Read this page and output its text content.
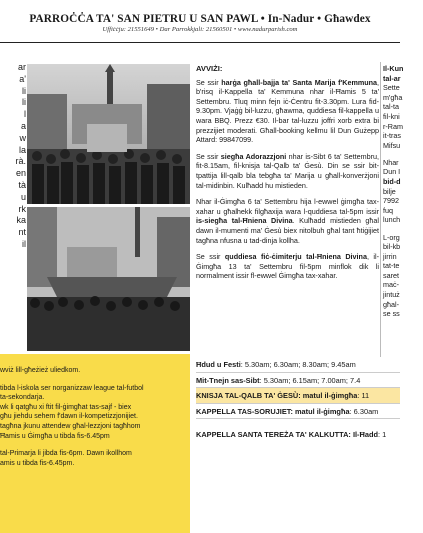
PARROĊĊA TA' SAN PIETRU U SAN PAWL • In-Nadur • Għawdex
Uffiċċju: 21551649 • Dar Parrokkjali: 21560501 • www.nadurparish.com
ar
a'
li
li
l
a
w
la
rà.
en
tà
u
rk
ka
nt
il
AVVIŻI:

Se ssir harġa għall-bajja ta' Santa Marija f'Kemmuna, b'risq il-Kappella ta' Kemmuna nhar il-Ħamis 5 ta' Settembru. Tluq minn fejn iċ-Ċentru fit-3.30pm. Lura fid-9.30pm. Vjaġġ bil-luzzu, għawma, quddiesa fil-kappella u wara BBQ. Prezz €30. Il-bar tal-luzzu joffri xorb extra bi prezzijiet moderati. Għall-booking kellmu lil Dun Gużepp Attard: 99847099.

Se ssir siegħa Adorazzjoni nhar is-Sibt 6 ta' Settembru, fit-8.15am, fil-knisja tal-Qalb ta' Ġesù. Din se ssir bit-tpattija lill-qalb bla tebgħa ta' Marija u għall-konverżjoni tal-midinbin. Kulħadd hu mistieden.

Nhar il-Ġimgħa 6 ta' Settembru hija l-ewwel ġimgħa tax-xahar u għalhekk filgħaxija wara l-quddiesa tal-5pm issir is-siegħa tal-Ħniena Divina. Kulħadd mistieden għal dawn il-mumenti ma' Ġesù biex nitolbuh għal tant ħtiġijiet tagħna nfusna u tad-dinja kollha.

Se ssir quddiesa fiċ-ċimiterju tal-Ħniena Divina, il-Ġimgħa 13 ta' Settembru fil-5pm minflok dik li normalment issir fl-ewwel Ġimgħa tax-xahar.

Il-Kun
tal-ar
Sette
m'għa
tal-ta
fil-kni
r-Ram
it-tras
Mifsu
Nhar
Dun I
bid-d
bilje
7992
fuq
lunch
L-org
bil-kb
jirrin
tat-te
saret
maċ-
jintuż
għal-
se ss
wviż lill-għeżież uliedkom.
tibda l-iskola ser norganizzaw league tal-futbol
ta-sekondarja.
wk li qatgħu xi ftit fil-ġimgħat tas-sajf - biex
għu jiehdu sehem f'dawn il-kompetizzjonijiet.
tagħna jkunu attendew għal-lezzjoni tagħhom
Ħamis u Ġimgħa u tibda fis-6.45pm
tal-Primarja li jibda fis-6pm. Dawn ikollhom
amis u tibda fis-6.45pm.
Ħdud u Festi: 5.30am; 6.30am; 8.30am; 9.45am
Mit-Tnejn sas-Sibt: 5.30am; 6.15am; 7.00am; 7.4
KNISJA TAL-QALB TA' ĠESÙ: matul il-ġimgħa: 11
KAPPELLA TAS-SORUJIET: matul il-ġimgħa: 6.30am
KAPPELLA SANTA TEREŻA TA' KALKUTTA: Il-Ħadd: 1
